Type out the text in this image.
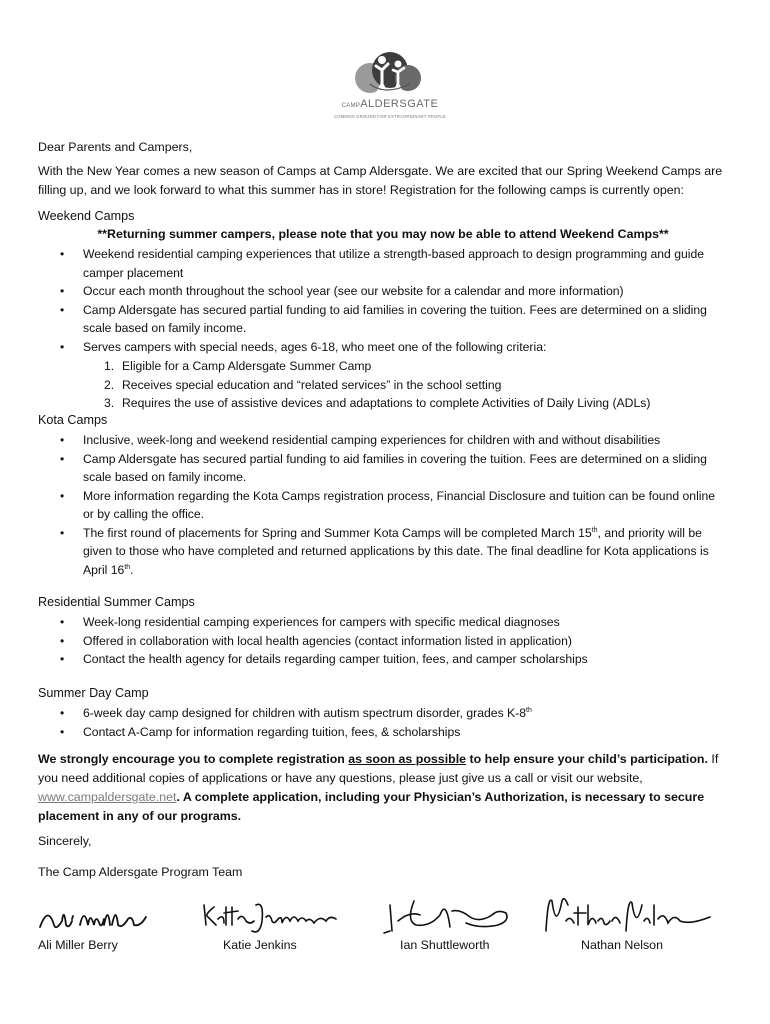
CAMPALDERSGATE
COMMON GROUND FOR EXTRAORDINARY PEOPLE
Dear Parents and Campers,
With the New Year comes a new season of Camps at Camp Aldersgate. We are excited that our Spring Weekend Camps are filling up, and we look forward to what this summer has in store! Registration for the following camps is currently open:
Weekend Camps
**Returning summer campers, please note that you may now be able to attend Weekend Camps**
• Weekend residential camping experiences that utilize a strength-based approach to design programming and guide camper placement
• Occur each month throughout the school year (see our website for a calendar and more information)
• Camp Aldersgate has secured partial funding to aid families in covering the tuition. Fees are determined on a sliding scale based on family income.
• Serves campers with special needs, ages 6-18, who meet one of the following criteria:
1. Eligible for a Camp Aldersgate Summer Camp
2. Receives special education and “related services” in the school setting
3. Requires the use of assistive devices and adaptations to complete Activities of Daily Living (ADLs)
Kota Camps
• Inclusive, week-long and weekend residential camping experiences for children with and without disabilities
• Camp Aldersgate has secured partial funding to aid families in covering the tuition. Fees are determined on a sliding scale based on family income.
• More information regarding the Kota Camps registration process, Financial Disclosure and tuition can be found online or by calling the office.
• The first round of placements for Spring and Summer Kota Camps will be completed March 15th, and priority will be given to those who have completed and returned applications by this date. The final deadline for Kota applications is April 16th.
Residential Summer Camps
• Week-long residential camping experiences for campers with specific medical diagnoses
• Offered in collaboration with local health agencies (contact information listed in application)
• Contact the health agency for details regarding camper tuition, fees, and camper scholarships
Summer Day Camp
• 6-week day camp designed for children with autism spectrum disorder, grades K-8th
• Contact A-Camp for information regarding tuition, fees, & scholarships
We strongly encourage you to complete registration as soon as possible to help ensure your child’s participation. If you need additional copies of applications or have any questions, please just give us a call or visit our website, www.campaldersgate.net. A complete application, including your Physician’s Authorization, is necessary to secure placement in any of our programs.
Sincerely,
The Camp Aldersgate Program Team
Ali Miller Berry	Katie Jenkins	Ian Shuttleworth	Nathan Nelson
